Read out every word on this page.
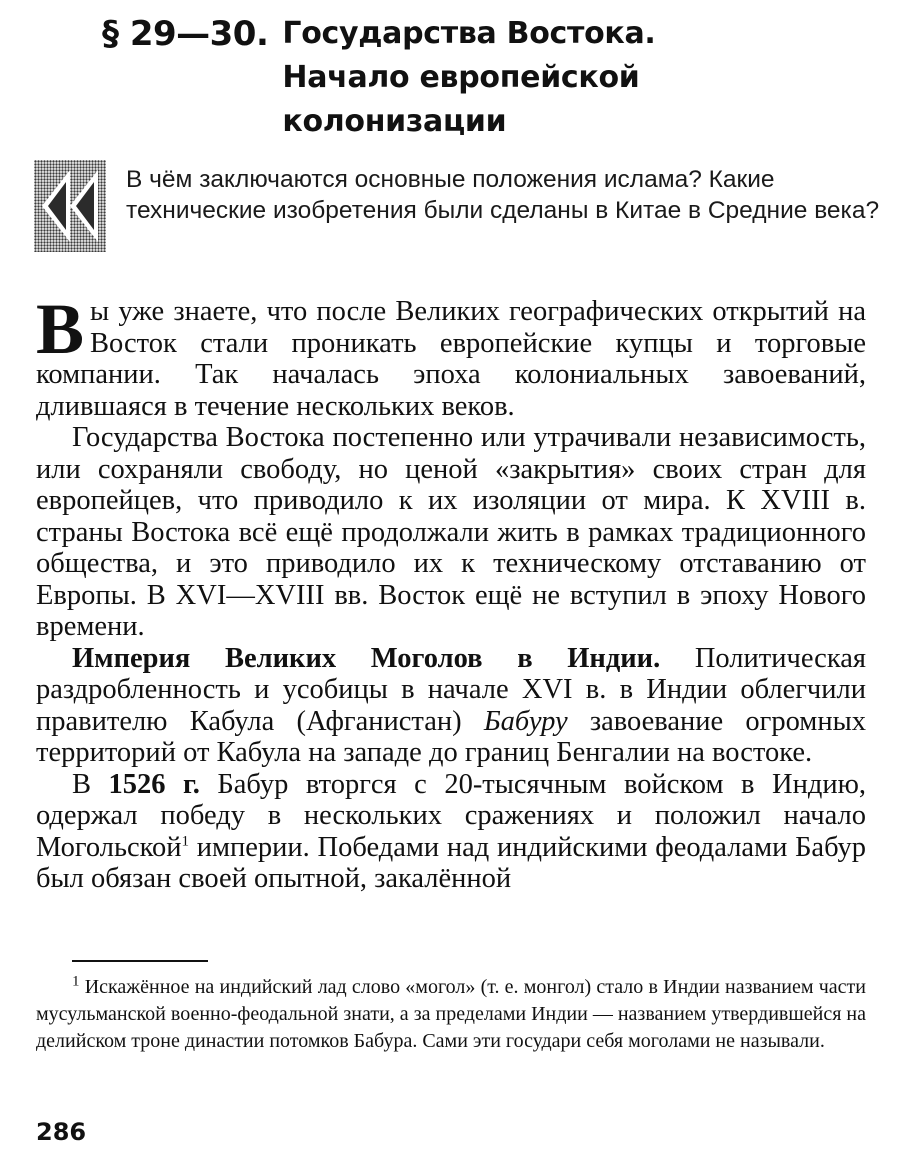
§ 29—30. Государства Востока.
Начало европейской
колонизации
В чём заключаются основные положения ислама? Какие технические изобретения были сделаны в Китае в Средние века?

Вы уже знаете, что после Великих географических открытий на Восток стали проникать европейские купцы и торговые компании. Так началась эпоха колониальных завоеваний, длившаяся в течение нескольких веков.

Государства Востока постепенно или утрачивали независимость, или сохраняли свободу, но ценой «закрытия» своих стран для европейцев, что приводило к их изоляции от мира. К XVIII в. страны Востока всё ещё продолжали жить в рамках традиционного общества, и это приводило их к техническому отставанию от Европы. В XVI—XVIII вв. Восток ещё не вступил в эпоху Нового времени.

Империя Великих Моголов в Индии. Политическая раздробленность и усобицы в начале XVI в. в Индии облегчили правителю Кабула (Афганистан) Бабуру завоевание огромных территорий от Кабула на западе до границ Бенгалии на востоке.

В 1526 г. Бабур вторгся с 20-тысячным войском в Индию, одержал победу в нескольких сражениях и положил начало Могольской$^1$ империи. Победами над индийскими феодалами Бабур был обязан своей опытной, закалённой

$^1$ Искажённое на индийский лад слово «могол» (т. е. монгол) стало в Индии названием части мусульманской военно-феодальной знати, а за пределами Индии — названием утвердившейся на делийском троне династии потомков Бабура. Сами эти государи себя моголами не называли.

286
